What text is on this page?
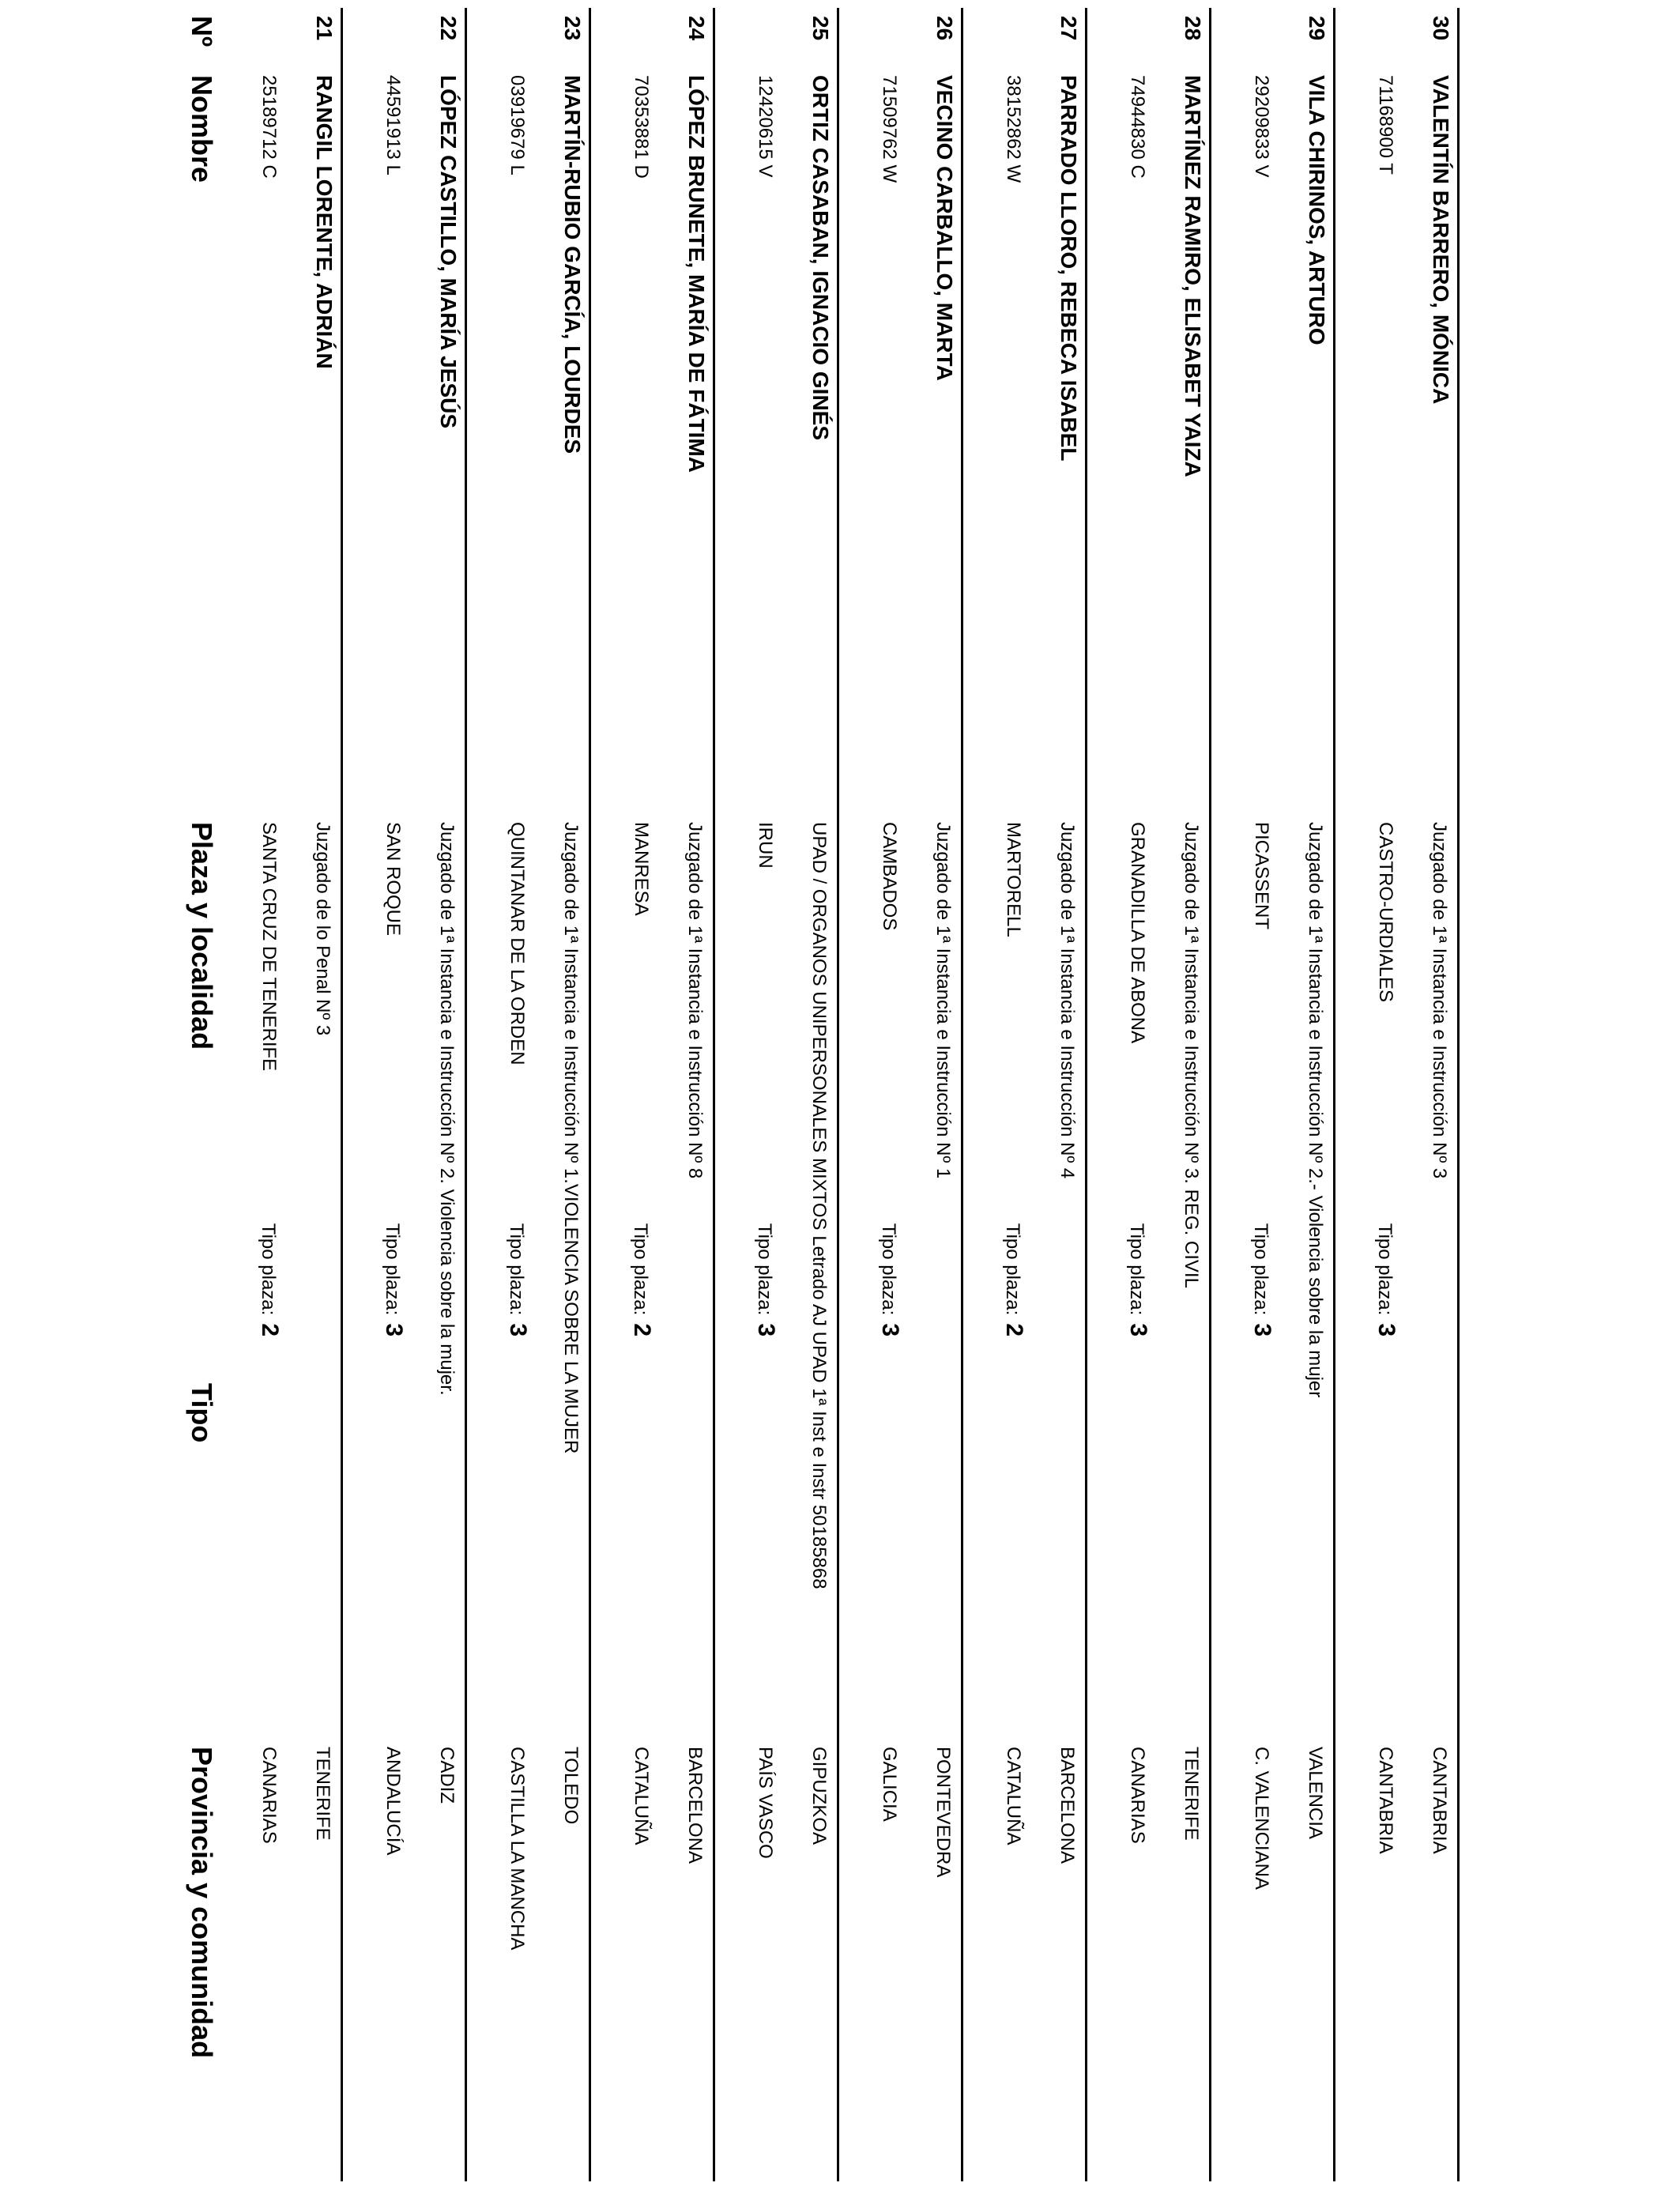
Nº
Nombre
Plaza y localidad
Tipo
Provincia y comunidad
21
RANGIL LORENTE, ADRIÁN
25189712 C
Juzgado de lo Penal Nº 3
SANTA CRUZ DE TENERIFE
Tipo plaza:2
TENERIFE
CANARIAS
22
LÓPEZ CASTILLO, MARÍA JESÚS
44591913 L
Juzgado de 1ª Instancia e Instrucción Nº 2. Violencia sobre la mujer.
SAN ROQUE
Tipo plaza:3
CADIZ
ANDALUCÍA
23
MARTÍN-RUBIO GARCÍA, LOURDES
03919679 L
Juzgado de 1ª Instancia e Instrucción Nº 1.VIOLENCIA SOBRE LA MUJER
QUINTANAR DE LA ORDEN
Tipo plaza:3
TOLEDO
CASTILLA LA MANCHA
24
LÓPEZ BRUNETE, MARÍA DE FÁTIMA
70353881 D
Juzgado de 1ª Instancia e Instrucción Nº 8
MANRESA
Tipo plaza:2
BARCELONA
CATALUÑA
25
ORTIZ CASABAN, IGNACIO GINÉS
12420615 V
UPAD / ORGANOS UNIPERSONALES MIXTOS Letrado AJ UPAD 1ª Inst e Instr 50185868
IRUN
Tipo plaza:3
GIPUZKOA
PAÍS VASCO
26
VECINO CARBALLO, MARTA
71509762 W
Juzgado de 1ª Instancia e Instrucción Nº 1
CAMBADOS
Tipo plaza:3
PONTEVEDRA
GALICIA
27
PARRADO LLORO, REBECA ISABEL
38152862 W
Juzgado de 1ª Instancia e Instrucción Nº 4
MARTORELL
Tipo plaza:2
BARCELONA
CATALUÑA
28
MARTÍNEZ RAMIRO, ELISABET YAIZA
74944830 C
Juzgado de 1ª Instancia e Instrucción Nº 3. REG. CIVIL
GRANADILLA DE ABONA
Tipo plaza:3
TENERIFE
CANARIAS
29
VILA CHIRINOS, ARTURO
29209833 V
Juzgado de 1ª Instancia e Instrucción Nº 2.- Violencia sobre la mujer
PICASSENT
Tipo plaza:3
VALENCIA
C. VALENCIANA
30
VALENTÍN BARRERO, MÓNICA
71168900 T
Juzgado de 1ª Instancia e Instrucción Nº 3
CASTRO-URDIALES
Tipo plaza:3
CANTABRIA
CANTABRIA
